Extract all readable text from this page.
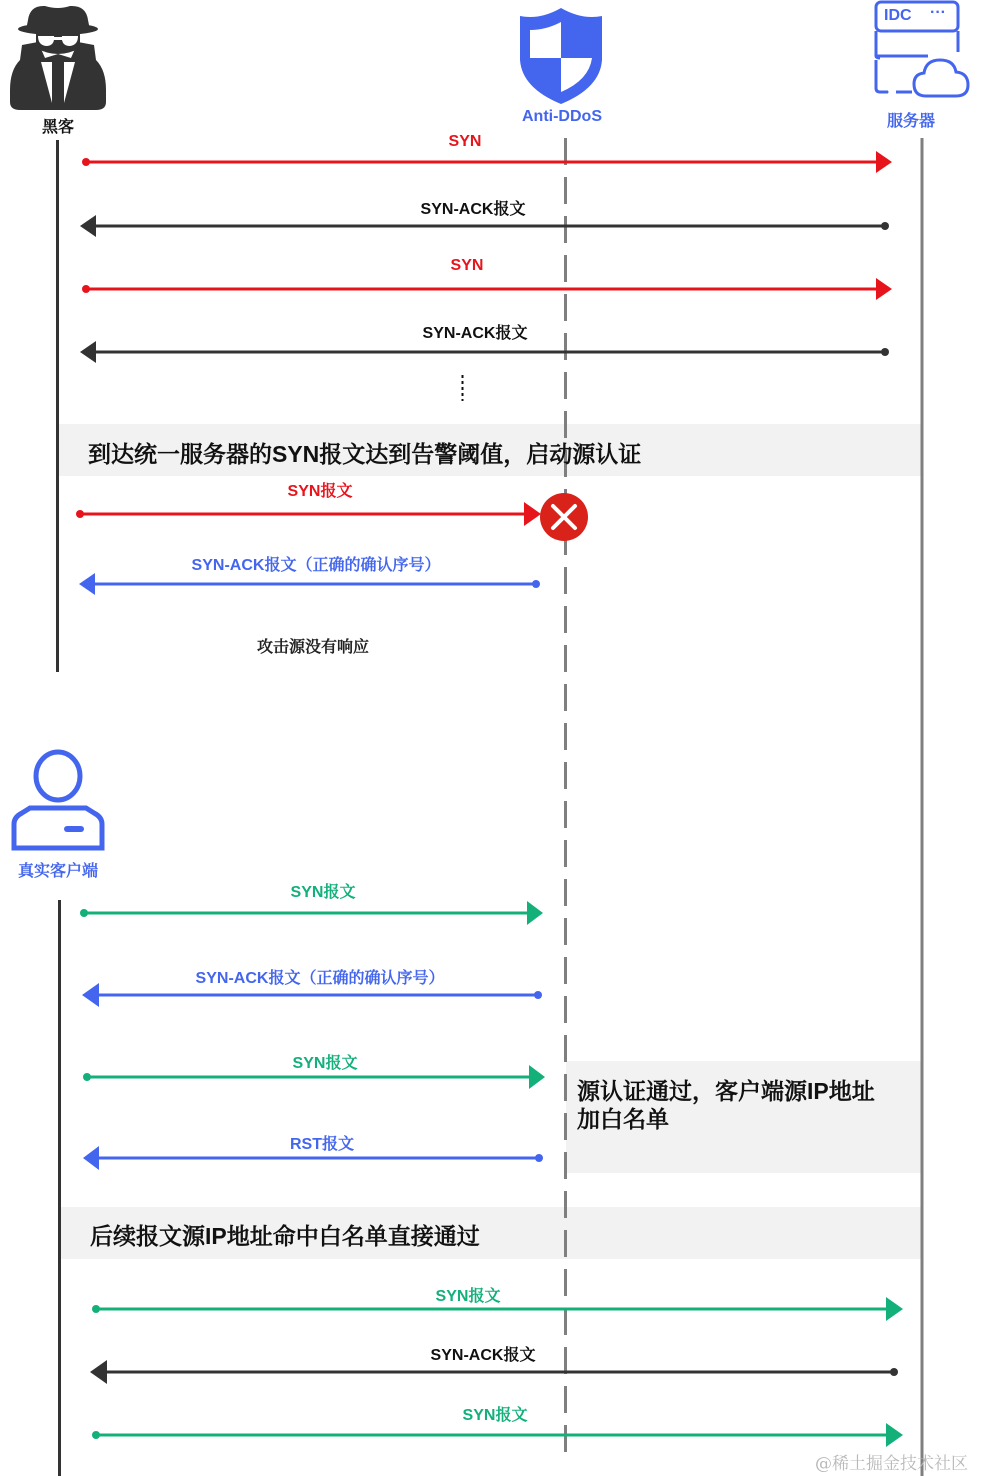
黑客
Anti-DDoS	服务器
真实客户端
IDC ···
SYN
SYN-ACK报文
SYN
SYN-ACK报文
到达统一服务器的SYN报文达到告警阈值，启动源认证
SYN报文
SYN-ACK报文（正确的确认序号）
攻击源没有响应
SYN报文
SYN-ACK报文（正确的确认序号）
SYN报文
RST报文
源认证通过，客户端源IP地址
加白名单
后续报文源IP地址命中白名单直接通过
SYN报文
SYN-ACK报文
SYN报文
@稀土掘金技术社区
